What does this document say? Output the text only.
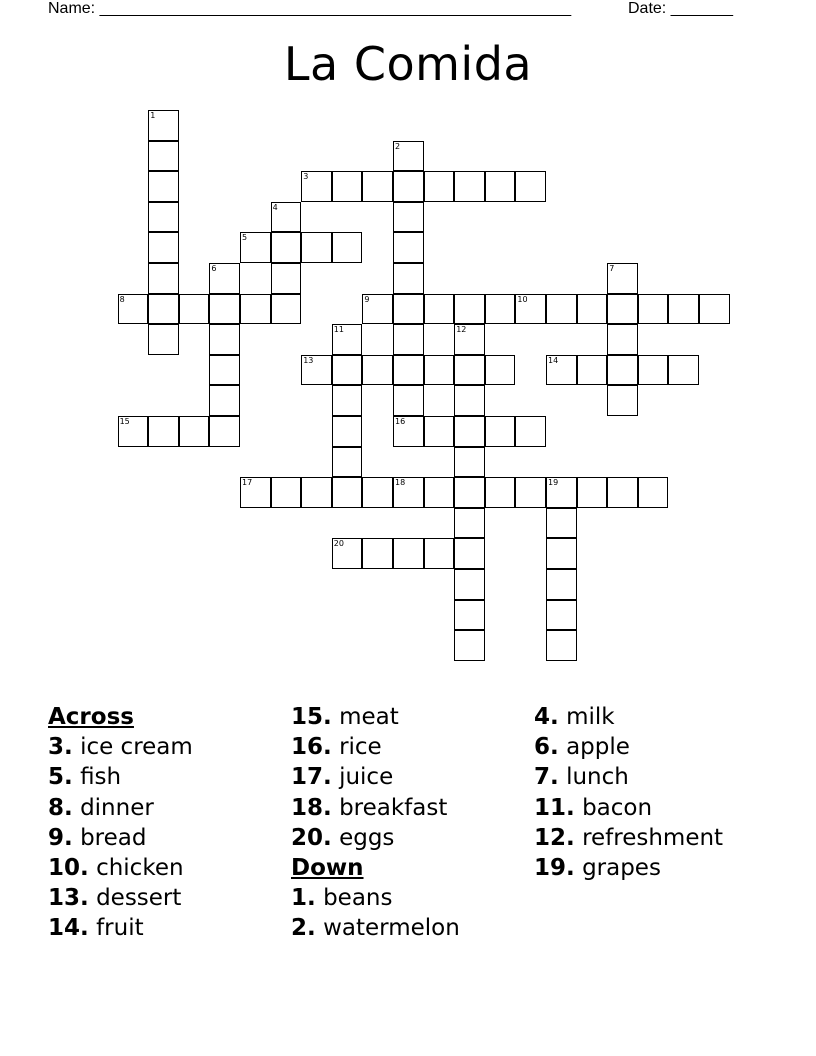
Name: _____________________________________________________	Date: _______
La Comida
1
2
16
3
4
5
6	7
8	9	10
11	12
13	14
15
17	18	19
20
Across
3. ice cream
5. fish
8. dinner
9. bread
10. chicken
13. dessert
14. fruit
15. meat
16. rice
17. juice
18. breakfast
20. eggs
Down
1. beans
2. watermelon
4. milk
6. apple
7. lunch
11. bacon
12. refreshment
19. grapes
